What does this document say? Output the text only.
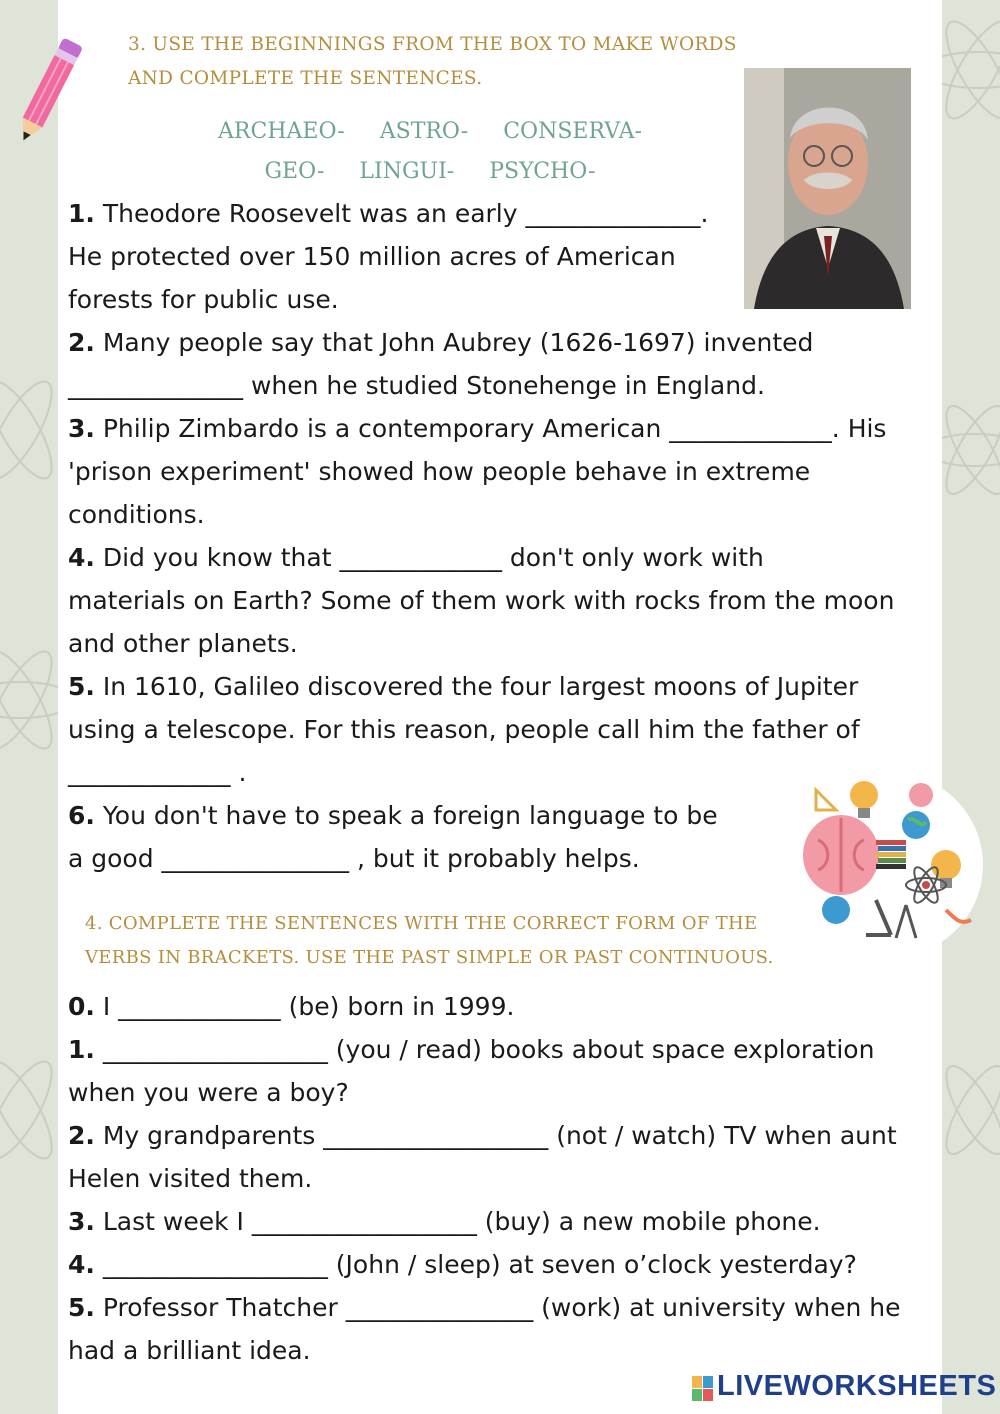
3. USE THE BEGINNINGS FROM THE BOX TO MAKE WORDS
AND COMPLETE THE SENTENCES.
ARCHAEO- ASTRO- CONSERVA-
GEO- LINGUI- PSYCHO-
1. Theodore Roosevelt was an early ______________.
He protected over 150 million acres of American
forests for public use.
2. Many people say that John Aubrey (1626-1697) invented
______________ when he studied Stonehenge in England.
3. Philip Zimbardo is a contemporary American _____________. His
'prison experiment' showed how people behave in extreme
conditions.
4. Did you know that _____________ don't only work with
materials on Earth? Some of them work with rocks from the moon
and other planets.
5. In 1610, Galileo discovered the four largest moons of Jupiter
using a telescope. For this reason, people call him the father of
_____________ .
6. You don't have to speak a foreign language to be
a good _______________ , but it probably helps.
4. COMPLETE THE SENTENCES WITH THE CORRECT FORM OF THE
VERBS IN BRACKETS. USE THE PAST SIMPLE OR PAST CONTINUOUS.
0. I _____________ (be) born in 1999.
1. __________________ (you / read) books about space exploration
when you were a boy?
2. My grandparents __________________ (not / watch) TV when aunt
Helen visited them.
3. Last week I __________________ (buy) a new mobile phone.
4. __________________ (John / sleep) at seven o’clock yesterday?
5. Professor Thatcher _______________ (work) at university when he
had a brilliant idea.
LIVEWORKSHEETS
